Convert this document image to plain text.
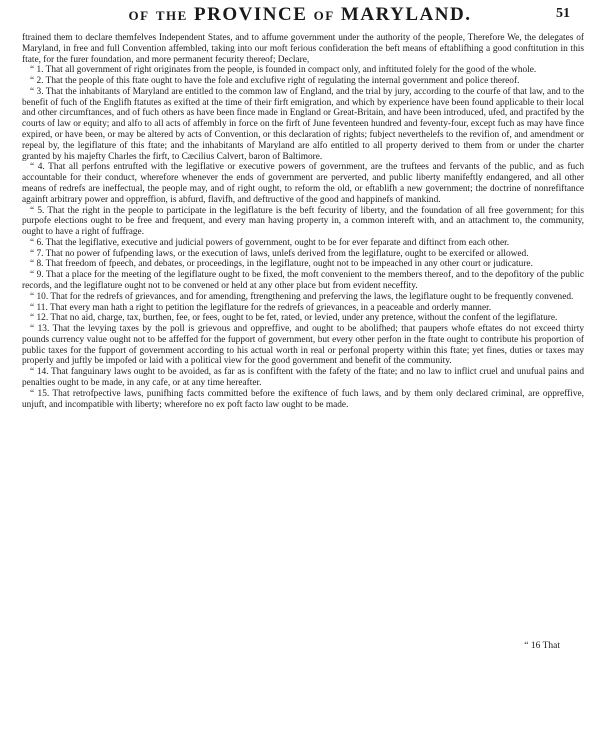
of the PROVINCE of MARYLAND.	51

ftrained them to declare themfelves Independent States, and to affume government under the authority of the people, Therefore We, the delegates of Maryland, in free and full Convention affembled, taking into our moft ferious confideration the beft means of eftablifhing a good conftitution in this ftate, for the furer foundation, and more permanent fecurity thereof; Declare,

“ 1. That all government of right originates from the people, is founded in compact only, and inftituted folely for the good of the whole.

“ 2. That the people of this ftate ought to have the fole and exclufive right of regulating the internal government and police thereof.

“ 3. That the inhabitants of Maryland are entitled to the common law of England, and the trial by jury, according to the courfe of that law, and to the benefit of fuch of the Englifh ftatutes as exifted at the time of their firft emigration, and which by experience have been found applicable to their local and other circumftances, and of fuch others as have been fince made in England or Great-Britain, and have been introduced, ufed, and practifed by the courts of law or equity; and alfo to all acts of affembly in force on the firft of June feventeen hundred and feventy-four, except fuch as may have fince expired, or have been, or may be altered by acts of Convention, or this declaration of rights; fubject neverthelefs to the revifion of, and amendment or repeal by, the legiflature of this ftate; and the inhabitants of Maryland are alfo entitled to all property derived to them from or under the charter granted by his majefty Charles the firft, to Cæcilius Calvert, baron of Baltimore.

“ 4. That all perfons entrufted with the legiflative or executive powers of government, are the truftees and fervants of the public, and as fuch accountable for their conduct, wherefore whenever the ends of government are perverted, and public liberty manifeftly endangered, and all other means of redrefs are ineffectual, the people may, and of right ought, to reform the old, or eftablifh a new government; the doctrine of nonrefiftance againft arbitrary power and oppreffion, is abfurd, flavifh, and deftructive of the good and happinefs of mankind.

“ 5. That the right in the people to participate in the legiflature is the beft fecurity of liberty, and the foundation of all free government; for this purpofe elections ought to be free and frequent, and every man having property in, a common intereft with, and an attachment to, the community, ought to have a right of fuffrage.

“ 6. That the legiflative, executive and judicial powers of government, ought to be for ever feparate and diftinct from each other.

“ 7. That no power of fufpending laws, or the execution of laws, unlefs derived from the legiflature, ought to be exercifed or allowed.

“ 8. That freedom of fpeech, and debates, or proceedings, in the legiflature, ought not to be impeached in any other court or judicature.

“ 9. That a place for the meeting of the legiflature ought to be fixed, the moft convenient to the members thereof, and to the depofitory of the public records, and the legiflature ought not to be convened or held at any other place but from evident neceffity.

“ 10. That for the redrefs of grievances, and for amending, ftrengthening and preferving the laws, the legiflature ought to be frequently convened.

“ 11. That every man hath a right to petition the legiflature for the redrefs of grievances, in a peaceable and orderly manner.

“ 12. That no aid, charge, tax, burthen, fee, or fees, ought to be fet, rated, or levied, under any pretence, without the confent of the legiflature.

“ 13. That the levying taxes by the poll is grievous and oppreffive, and ought to be abolifhed; that paupers whofe eftates do not exceed thirty pounds currency value ought not to be affeffed for the fupport of government, but every other perfon in the ftate ought to contribute his proportion of public taxes for the fupport of government according to his actual worth in real or perfonal property within this ftate; yet fines, duties or taxes may properly and juftly be impofed or laid with a political view for the good government and benefit of the community.

“ 14. That fanguinary laws ought to be avoided, as far as is confiftent with the fafety of the ftate; and no law to inflict cruel and unufual pains and penalties ought to be made, in any cafe, or at any time hereafter.

“ 15. That retrofpective laws, punifhing facts committed before the exiftence of fuch laws, and by them only declared criminal, are oppreffive, unjuft, and incompatible with liberty; wherefore no ex poft facto law ought to be made.

“ 16 That
